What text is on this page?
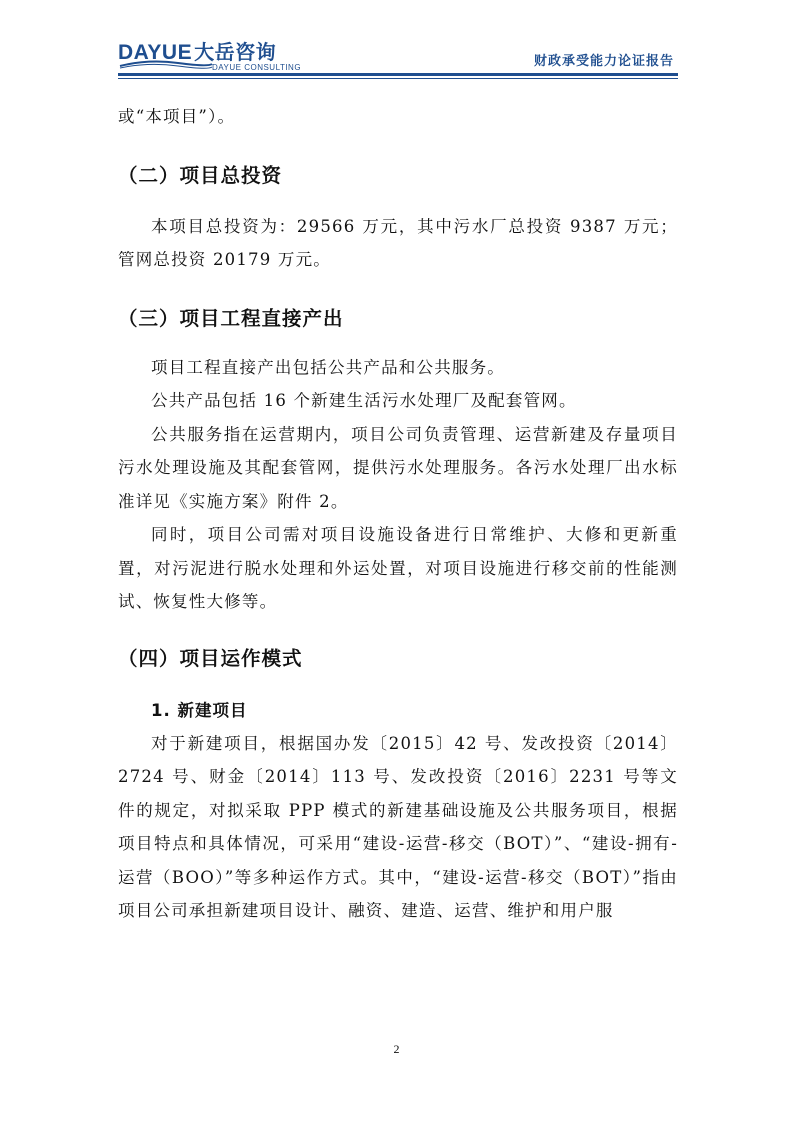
DAYUE 大岳咨询
DAYUE CONSULTING	财政承受能力论证报告

或“本项目”）。

（二）项目总投资

本项目总投资为：29566 万元，其中污水厂总投资 9387 万元；管网总投资 20179 万元。

（三）项目工程直接产出

项目工程直接产出包括公共产品和公共服务。

公共产品包括 16 个新建生活污水处理厂及配套管网。

公共服务指在运营期内，项目公司负责管理、运营新建及存量项目污水处理设施及其配套管网，提供污水处理服务。各污水处理厂出水标准详见《实施方案》附件 2。

同时，项目公司需对项目设施设备进行日常维护、大修和更新重置，对污泥进行脱水处理和外运处置，对项目设施进行移交前的性能测试、恢复性大修等。

（四）项目运作模式
1. 新建项目

对于新建项目，根据国办发〔2015〕42 号、发改投资〔2014〕2724 号、财金〔2014〕113 号、发改投资〔2016〕2231 号等文件的规定，对拟采取 PPP 模式的新建基础设施及公共服务项目，根据项目特点和具体情况，可采用“建设-运营-移交（BOT）”、“建设-拥有-运营（BOO）”等多种运作方式。其中，“建设-运营-移交（BOT）”指由项目公司承担新建项目设计、融资、建造、运营、维护和用户服

2
